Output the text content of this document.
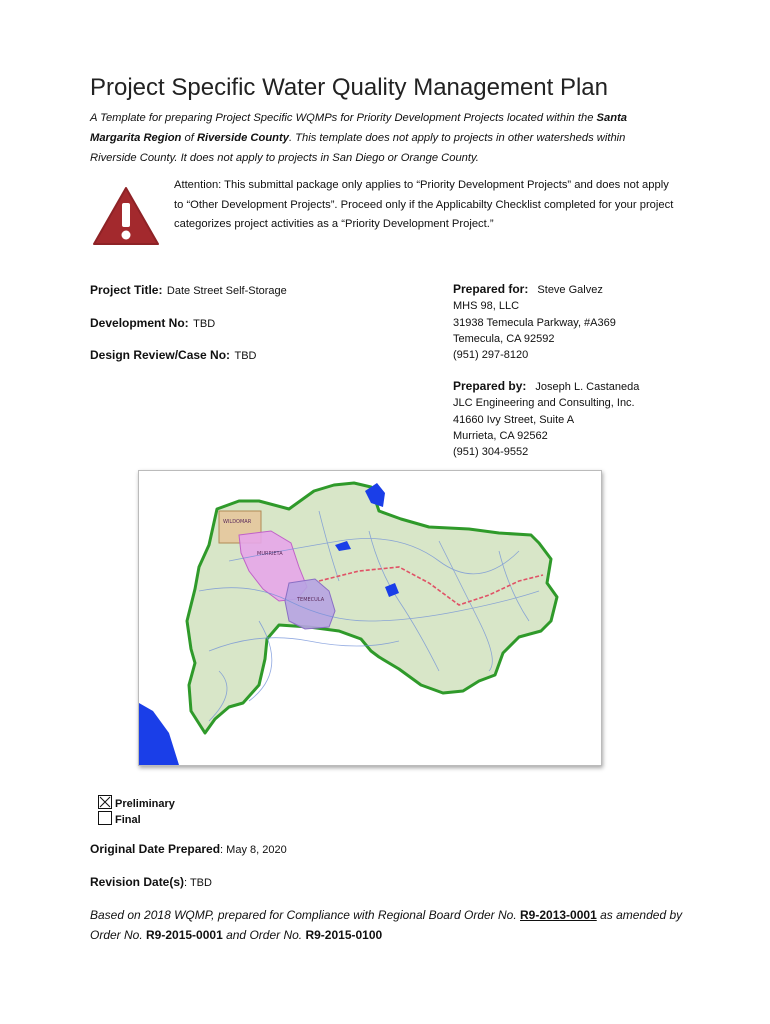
Project Specific Water Quality Management Plan
A Template for preparing Project Specific WQMPs for Priority Development Projects located within the Santa Margarita Region of Riverside County. This template does not apply to projects in other watersheds within Riverside County. It does not apply to projects in San Diego or Orange County.
Attention: This submittal package only applies to “Priority Development Projects” and does not apply to “Other Development Projects”. Proceed only if the Applicabilty Checklist completed for your project categorizes project activities as a “Priority Development Project.”
Project Title: Date Street Self-Storage
Development No: TBD
Design Review/Case No: TBD
Prepared for: Steve Galvez
MHS 98, LLC
31938 Temecula Parkway, #A369
Temecula, CA 92592
(951) 297-8120
Prepared by: Joseph L. Castaneda
JLC Engineering and Consulting, Inc.
41660 Ivy Street, Suite A
Murrieta, CA 92562
(951) 304-9552
WILDOMAR
MURRIETA
TEMECULA
Preliminary
Final
Original Date Prepared: May 8, 2020
Revision Date(s): TBD
Based on 2018 WQMP, prepared for Compliance with Regional Board Order No. R9-2013-0001 as amended by Order No. R9-2015-0001 and Order No. R9-2015-0100
